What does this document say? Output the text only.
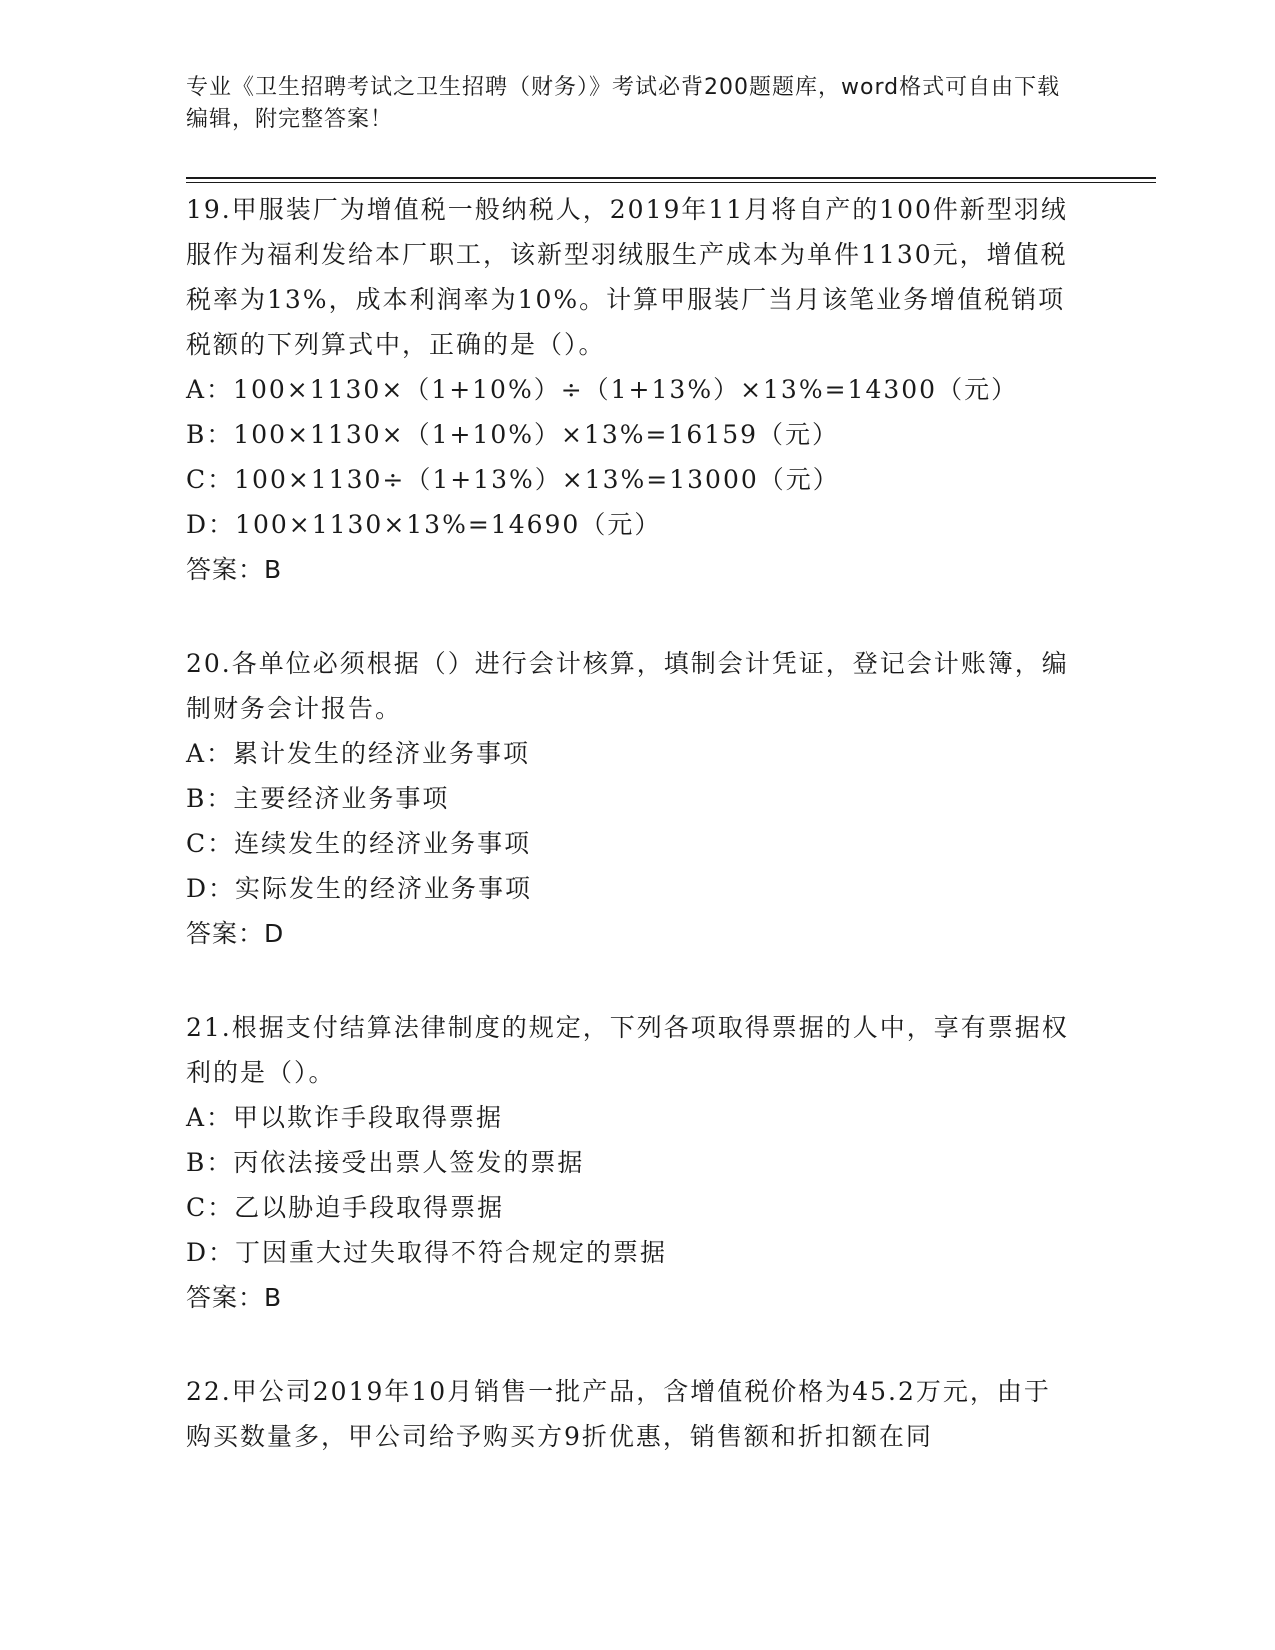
专业《卫生招聘考试之卫生招聘（财务）》考试必背200题题库，word格式可自由下载编辑，附完整答案！
19.甲服装厂为增值税一般纳税人，2019年11月将自产的100件新型羽绒服作为福利发给本厂职工，该新型羽绒服生产成本为单件1130元，增值税税率为13%，成本利润率为10%。计算甲服装厂当月该笔业务增值税销项税额的下列算式中，正确的是（）。
A：100×1130×（1+10%）÷（1+13%）×13%=14300（元）
B：100×1130×（1+10%）×13%=16159（元）
C：100×1130÷（1+13%）×13%=13000（元）
D：100×1130×13%=14690（元）
答案：B
20.各单位必须根据（）进行会计核算，填制会计凭证，登记会计账簿，编制财务会计报告。
A：累计发生的经济业务事项
B：主要经济业务事项
C：连续发生的经济业务事项
D：实际发生的经济业务事项
答案：D
21.根据支付结算法律制度的规定，下列各项取得票据的人中，享有票据权利的是（）。
A：甲以欺诈手段取得票据
B：丙依法接受出票人签发的票据
C：乙以胁迫手段取得票据
D：丁因重大过失取得不符合规定的票据
答案：B
22.甲公司2019年10月销售一批产品，含增值税价格为45.2万元，由于购买数量多，甲公司给予购买方9折优惠，销售额和折扣额在同
